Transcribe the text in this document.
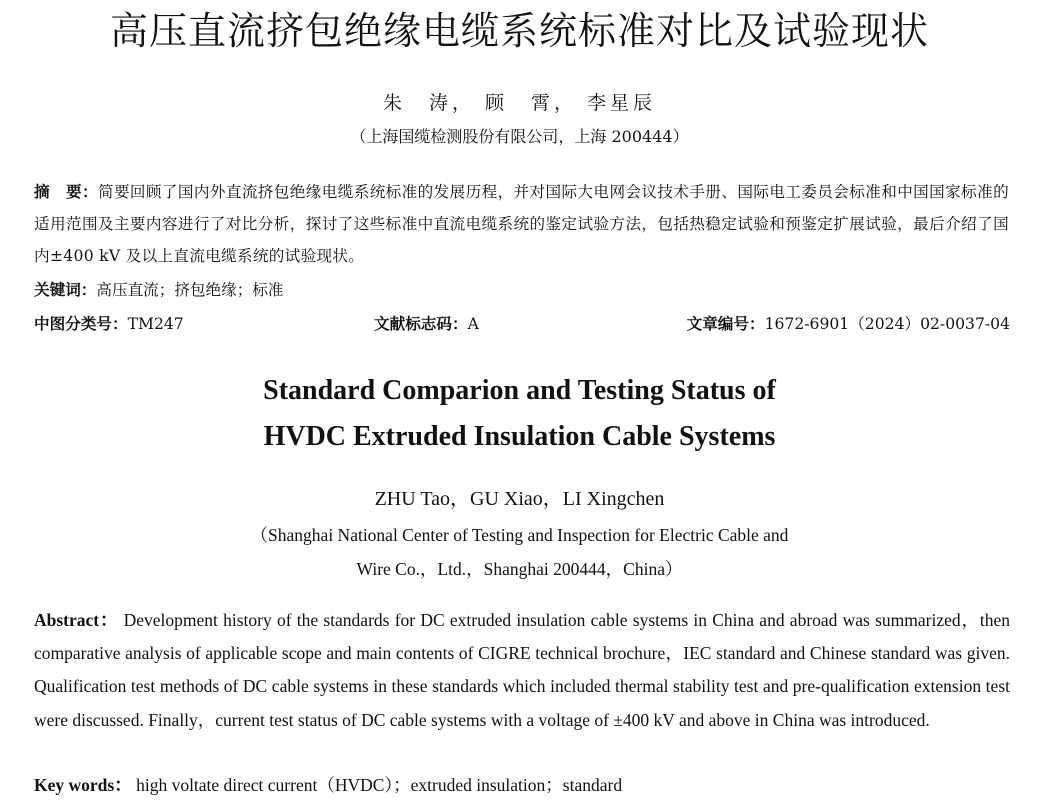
高压直流挤包绝缘电缆系统标准对比及试验现状
朱　涛， 顾　霄， 李星辰
（上海国缆检测股份有限公司，上海 200444）
摘　要：简要回顾了国内外直流挤包绝缘电缆系统标准的发展历程，并对国际大电网会议技术手册、国际电工委员会标准和中国国家标准的适用范围及主要内容进行了对比分析，探讨了这些标准中直流电缆系统的鉴定试验方法，包括热稳定试验和预鉴定扩展试验，最后介绍了国内±400 kV 及以上直流电缆系统的试验现状。
关键词：高压直流；挤包绝缘；标准
中图分类号：TM247	文献标志码：A	文章编号：1672-6901（2024）02-0037-04
Standard Comparion and Testing Status of
HVDC Extruded Insulation Cable Systems
ZHU Tao，GU Xiao，LI Xingchen
（Shanghai National Center of Testing and Inspection for Electric Cable and
Wire Co.，Ltd.，Shanghai 200444，China）
Abstract： Development history of the standards for DC extruded insulation cable systems in China and abroad was summarized，then comparative analysis of applicable scope and main contents of CIGRE technical brochure，IEC standard and Chinese standard was given. Qualification test methods of DC cable systems in these standards which included thermal stability test and pre-qualification extension test were discussed. Finally，current test status of DC cable systems with a voltage of ±400 kV and above in China was introduced.
Key words： high voltate direct current（HVDC）；extruded insulation；standard
